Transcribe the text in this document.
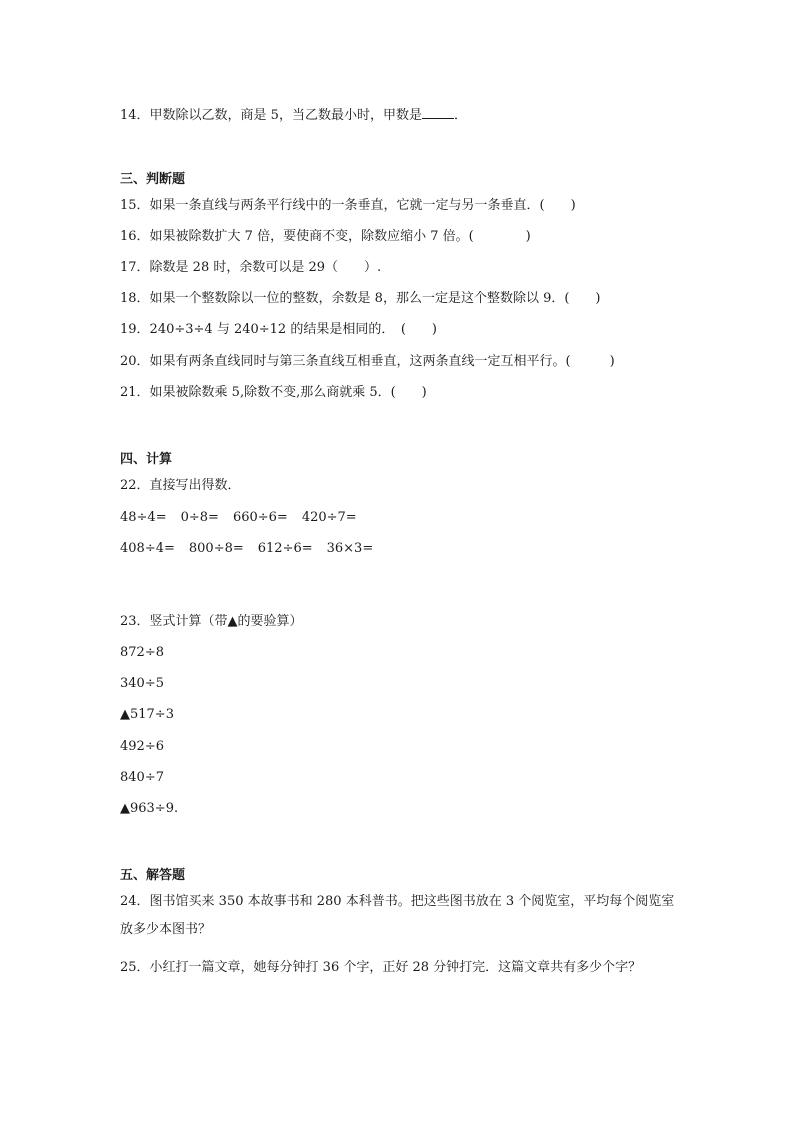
14．甲数除以乙数，商是 5，当乙数最小时，甲数是 ．
三、判断题
15．如果一条直线与两条平行线中的一条垂直，它就一定与另一条垂直．(　　)
16．如果被除数扩大 7 倍，要使商不变，除数应缩小 7 倍。(　　　　)
17．除数是 28 时，余数可以是 29（　　）.
18．如果一个整数除以一位的整数，余数是 8，那么一定是这个整数除以 9．(　　)
19．240÷3÷4 与 240÷12 的结果是相同的．　(　　)
20．如果有两条直线同时与第三条直线互相垂直，这两条直线一定互相平行。(　　　)
21．如果被除数乘 5,除数不变,那么商就乘 5．(　　)
四、计算
22．直接写出得数．
48÷4= 0÷8= 660÷6= 420÷7=
408÷4= 800÷8= 612÷6= 36×3=
23．竖式计算（带▲的要验算）
872÷8
340÷5
▲517÷3
492÷6
840÷7
▲963÷9.
五、解答题
24．图书馆买来 350 本故事书和 280 本科普书。把这些图书放在 3 个阅览室，平均每个阅览室放多少本图书？
25．小红打一篇文章，她每分钟打 36 个字，正好 28 分钟打完．这篇文章共有多少个字？
